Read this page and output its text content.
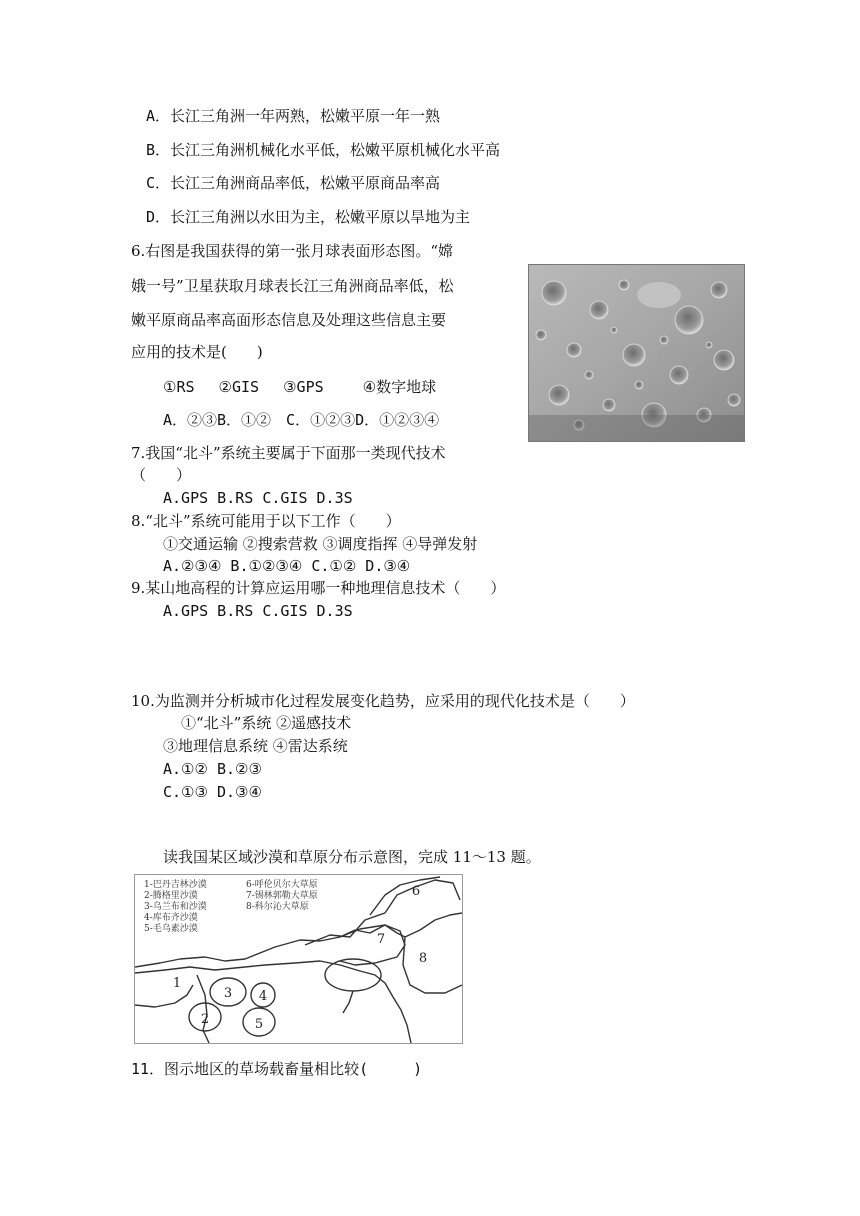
A．长江三角洲一年两熟，松嫩平原一年一熟
B．长江三角洲机械化水平低，松嫩平原机械化水平高
C．长江三角洲商品率低，松嫩平原商品率高
D．长江三角洲以水田为主，松嫩平原以旱地为主
6.右图是我国获得的第一张月球表面形态图。“嫦
娥一号”卫星获取月球表长江三角洲商品率低，松
嫩平原商品率高面形态信息及处理这些信息主要
应用的技术是(　　)
①RS　 ②GIS　 ③GPS　　 ④数字地球
A．②③B．①②　C．①②③D．①②③④
7.我国“北斗”系统主要属于下面那一类现代技术
（　　）
A.GPS B.RS C.GIS D.3S
8.“北斗”系统可能用于以下工作（　　）
①交通运输 ②搜索营救 ③调度指挥 ④导弹发射
A.②③④ B.①②③④ C.①② D.③④
9.某山地高程的计算应运用哪一种地理信息技术（　　）
A.GPS B.RS C.GIS D.3S
10.为监测并分析城市化过程发展变化趋势，应采用的现代化技术是（　　）
①“北斗”系统 ②遥感技术
③地理信息系统 ④雷达系统
A.①② B.②③
C.①③ D.③④
读我国某区域沙漠和草原分布示意图，完成 11～13 题。
1-巴丹吉林沙漠
2-腾格里沙漠
3-乌兰布和沙漠
4-库布齐沙漠
5-毛乌素沙漠
6-呼伦贝尔大草原
7-锡林郭勒大草原
8-科尔沁大草原
1
2
3 4
5
6
7
8
11．图示地区的草场载畜量相比较(　　　)
